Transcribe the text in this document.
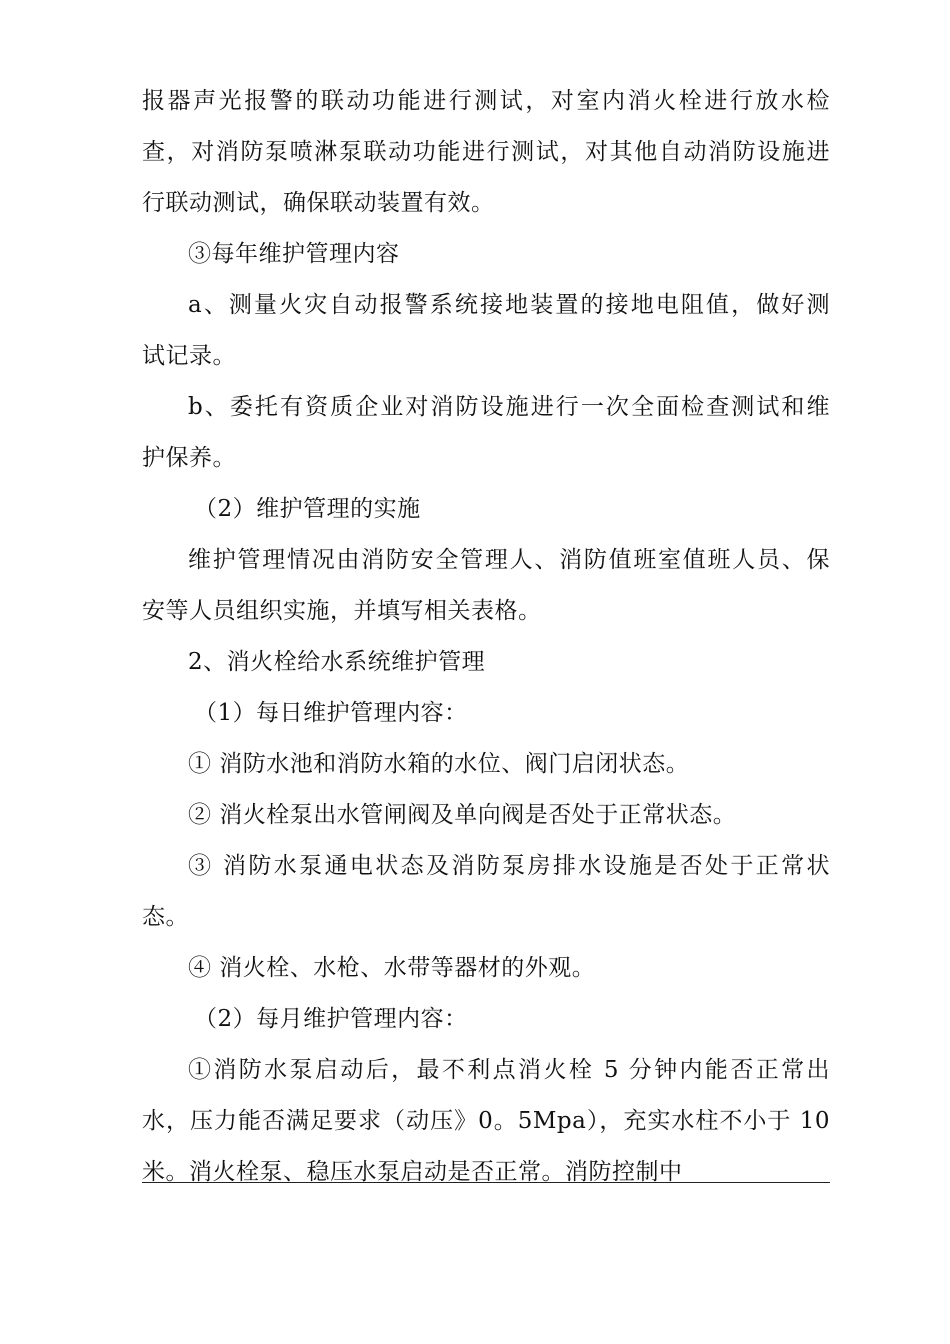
报器声光报警的联动功能进行测试，对室内消火栓进行放水检
查，对消防泵喷淋泵联动功能进行测试，对其他自动消防设施进
行联动测试，确保联动装置有效。
③每年维护管理内容
a、测量火灾自动报警系统接地装置的接地电阻值，做好测
试记录。
b、委托有资质企业对消防设施进行一次全面检查测试和维
护保养。
（2）维护管理的实施
维护管理情况由消防安全管理人、消防值班室值班人员、保
安等人员组织实施，并填写相关表格。
2、消火栓给水系统维护管理
（1）每日维护管理内容：
① 消防水池和消防水箱的水位、阀门启闭状态。
② 消火栓泵出水管闸阀及单向阀是否处于正常状态。
③ 消防水泵通电状态及消防泵房排水设施是否处于正常状
态。
④ 消火栓、水枪、水带等器材的外观。
（2）每月维护管理内容：
①消防水泵启动后，最不利点消火栓 5 分钟内能否正常出
水，压力能否满足要求（动压》0。5Mpa），充实水柱不小于 10
米。消火栓泵、稳压水泵启动是否正常。消防控制中
